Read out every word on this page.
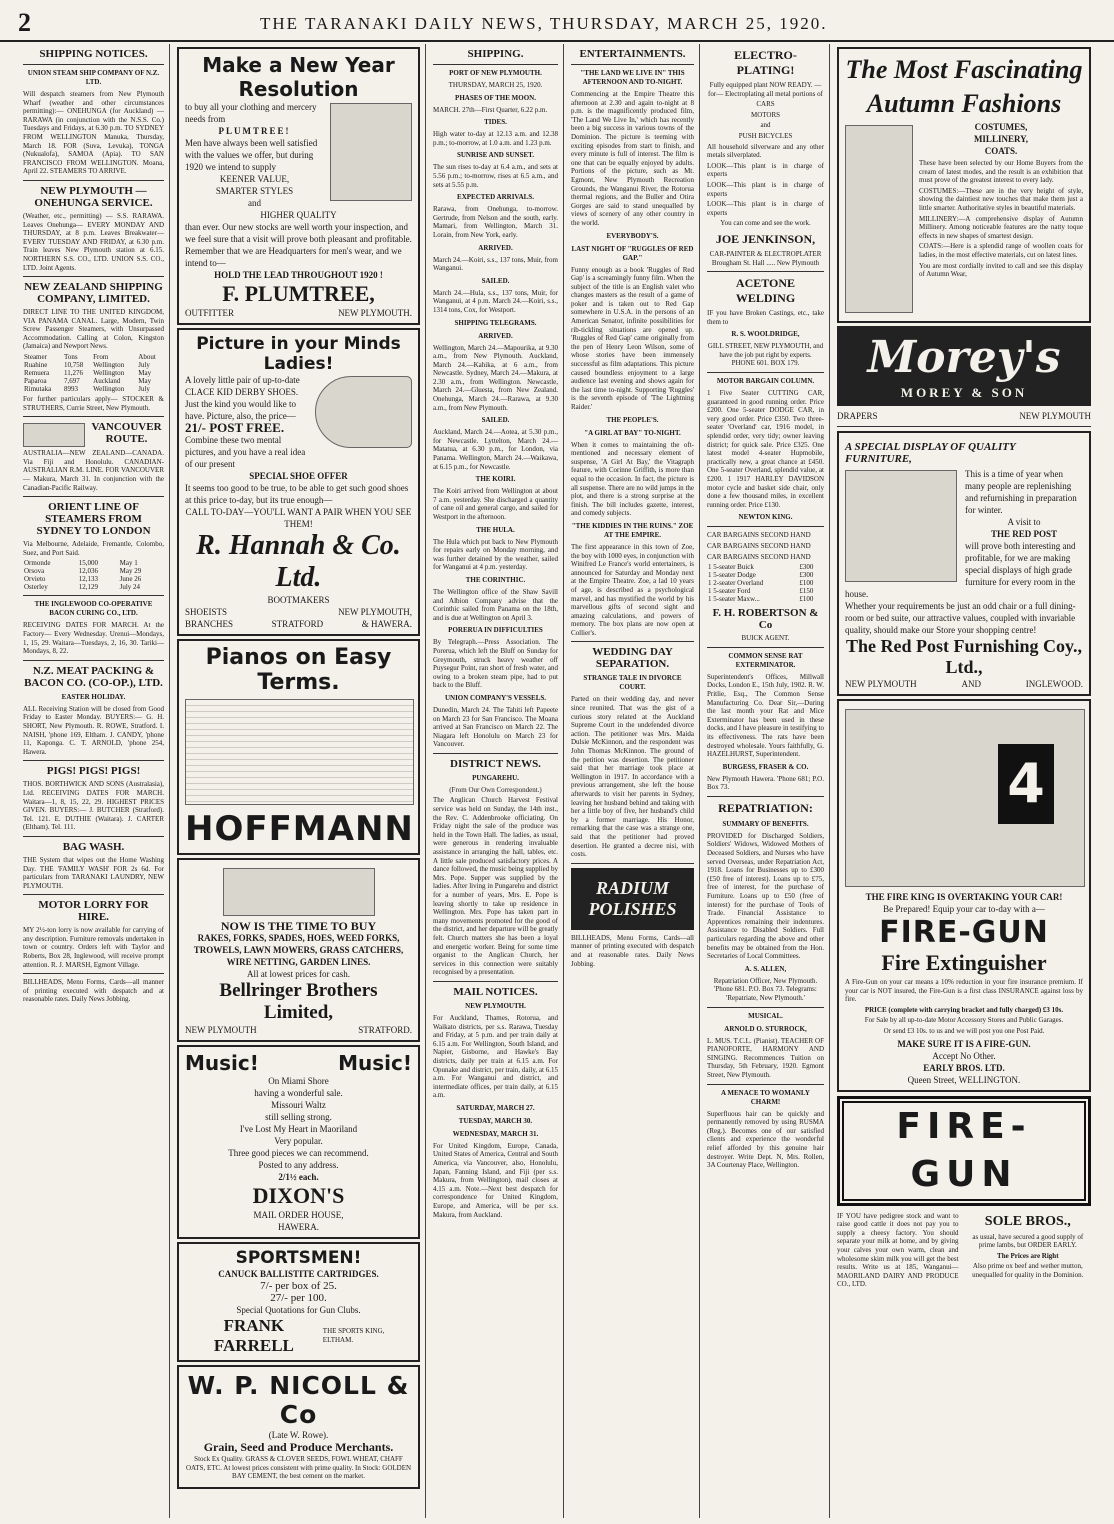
2	THE TARANAKI DAILY NEWS, THURSDAY, MARCH 25, 1920.
SHIPPING NOTICES.
UNION STEAM SHIP COMPANY OF N.Z. LTD.
Will despatch steamers from New Plymouth Wharf (weather and other circumstances permitting):— ONEHUNGA (for Auckland) — RARAWA (in conjunction with the N.S.S. Co.) Tuesdays and Fridays, at 6.30 p.m. TO SYDNEY FROM WELLINGTON Manuka, Thursday, March 18. FOR (Suva, Levuka), TONGA (Nukualofa), SAMOA (Apia). TO SAN FRANCISCO FROM WELLINGTON. Moana, April 22. STEAMERS TO ARRIVE.
NEW PLYMOUTH — ONEHUNGA SERVICE.
(Weather, etc., permitting) — S.S. RARAWA. Leaves Onehunga— EVERY MONDAY AND THURSDAY, at 8 p.m. Leaves Breakwater— EVERY TUESDAY AND FRIDAY, at 6.30 p.m. Train leaves New Plymouth station at 6.15. NORTHERN S.S. CO., LTD. UNION S.S. CO., LTD. Joint Agents.
NEW ZEALAND SHIPPING COMPANY, LIMITED.
DIRECT LINE TO THE UNITED KINGDOM, VIA PANAMA CANAL. Large, Modern, Twin Screw Passenger Steamers, with Unsurpassed Accommodation. Calling at Colon, Kingston (Jamaica) and Newport News.
Steamer	Tons	From	About
Ruahine	10,758	Wellington	July
Remuera	11,276	Wellington	May
Paparoa	7,697	Auckland	May
Rimutaka	8993	Wellington	July
For further particulars apply— STOCKER & STRUTHERS, Currie Street, New Plymouth.
VANCOUVER ROUTE.
AUSTRALIA—NEW ZEALAND—CANADA. Via Fiji and Honolulu. CANADIAN-AUSTRALIAN R.M. LINE. FOR VANCOUVER— Makura, March 31. In conjunction with the Canadian-Pacific Railway.
ORIENT LINE OF STEAMERS FROM SYDNEY TO LONDON
Via Melbourne, Adelaide, Fremantle, Colombo, Suez, and Port Said.
Ormonde	15,000	May 1
Orsova	12,036	May 29
Orvieto	12,133	June 26
Osterley	12,129	July 24
THE INGLEWOOD CO-OPERATIVE BACON CURING CO., LTD.
RECEIVING DATES FOR MARCH. At the Factory— Every Wednesday. Urenui—Mondays, 1, 15, 29. Waitara—Tuesdays, 2, 16, 30. Tariki—Mondays, 8, 22.
N.Z. MEAT PACKING & BACON CO. (CO-OP.), LTD.
EASTER HOLIDAY.
ALL Receiving Station will be closed from Good Friday to Easter Monday. BUYERS:— G. H. SHORT, New Plymouth. R. ROWE, Stratford. I. NAISH, 'phone 169, Eltham. J. CANDY, 'phone 11, Kaponga. C. T. ARNOLD, 'phone 254, Hawera.
PIGS! PIGS! PIGS!
THOS. BORTHWICK AND SONS (Australasia), Ltd. RECEIVING DATES FOR MARCH. Waitara—1, 8, 15, 22, 29. HIGHEST PRICES GIVEN. BUYERS:— J. BUTCHER (Stratford). Tel. 121. E. DUTHIE (Waitara). J. CARTER (Eltham). Tel. 111.
BAG WASH.
THE System that wipes out the Home Washing Day. THE 'FAMILY WASH' FOR 2s 6d. For particulars from TARANAKI LAUNDRY, NEW PLYMOUTH.
MOTOR LORRY FOR HIRE.
MY 2½-ton lorry is now available for carrying of any description. Furniture removals undertaken in town or country. Orders left with Taylor and Roberts, Box 28, Inglewood, will receive prompt attention. R. J. MARSH, Egmont Village.
BILLHEADS, Menu Forms, Cards—all manner of printing executed with despatch and at reasonable rates. Daily News Jobbing.
Make a New Year Resolution
to buy all your clothing and mercery needs from
PLUMTREE!
Men have always been well satisfied with the values we offer, but during 1920 we intend to supply
KEENER VALUE,
SMARTER STYLES
and
HIGHER QUALITY
than ever. Our new stocks are well worth your inspection, and we feel sure that a visit will prove both pleasant and profitable.
Remember that we are Headquarters for men's wear, and we intend to—
HOLD THE LEAD THROUGHOUT 1920 !
F. PLUMTREE,
OUTFITTER	NEW PLYMOUTH.
Picture in your Minds Ladies!
A lovely little pair of up-to-date CLACE KID DERBY SHOES. Just the kind you would like to have. Picture, also, the price—
21/- POST FREE.
Combine these two mental pictures, and you have a real idea of our present
SPECIAL SHOE OFFER
It seems too good to be true, to be able to get such good shoes at this price to-day, but its true enough—
CALL TO-DAY—YOU'LL WANT A PAIR WHEN YOU SEE THEM!
R. Hannah & Co. Ltd.
BOOTMAKERS
SHOEISTS	NEW PLYMOUTH,
BRANCHES	STRATFORD	& HAWERA.
Pianos on Easy Terms.
HOFFMANN
NOW IS THE TIME TO BUY
RAKES, FORKS, SPADES, HOES, WEED FORKS, TROWELS, LAWN MOWERS, GRASS CATCHERS, WIRE NETTING, GARDEN LINES.
All at lowest prices for cash.
Bellringer Brothers Limited,
NEW PLYMOUTH	STRATFORD.
Music!	Music!
On Miami Shore
having a wonderful sale.
Missouri Waltz
still selling strong.
I've Lost My Heart in Maoriland
Very popular.
Three good pieces we can recommend.
Posted to any address.
2/1½ each.
DIXON'S
MAIL ORDER HOUSE,
HAWERA.
SPORTSMEN!
CANUCK BALLISTITE CARTRIDGES.
7/- per box of 25.
27/- per 100.
Special Quotations for Gun Clubs.
FRANK FARRELL
THE SPORTS KING, ELTHAM.
W. P. NICOLL & Co
(Late W. Rowe).
Grain, Seed and Produce Merchants.
Stock Ex Quality. GRASS & CLOVER SEEDS, FOWL WHEAT, CHAFF OATS, ETC. At lowest prices consistent with prime quality. In Stock: GOLDEN BAY CEMENT, the best cement on the market.
SHIPPING.
PORT OF NEW PLYMOUTH.
THURSDAY, MARCH 25, 1920.
PHASES OF THE MOON.
MARCH. 27th—First Quarter, 6.22 p.m.
TIDES.
High water to-day at 12.13 a.m. and 12.38 p.m.; to-morrow, at 1.0 a.m. and 1.23 p.m.
SUNRISE AND SUNSET.
The sun rises to-day at 6.4 a.m., and sets at 5.56 p.m.; to-morrow, rises at 6.5 a.m., and sets at 5.55 p.m.
EXPECTED ARRIVALS.
Rarawa, from Onehunga, to-morrow. Gertrude, from Nelson and the south, early. Mamari, from Wellington, March 31. Lorain, from New York, early.
ARRIVED.
March 24.—Koiri, s.s., 137 tons, Muir, from Wanganui.
SAILED.
March 24.—Hula, s.s., 137 tons, Muir, for Wanganui, at 4 p.m. March 24.—Koiri, s.s., 1314 tons, Cox, for Westport.
SHIPPING TELEGRAMS.
ARRIVED.
Wellington, March 24.—Mapourika, at 9.30 a.m., from New Plymouth. Auckland, March 24.—Kahika, at 6 a.m., from Newcastle. Sydney, March 24.—Makura, at 2.30 a.m., from Wellington. Newcastle, March 24.—Gluesta, from New Zealand. Onehunga, March 24.—Rarawa, at 9.30 a.m., from New Plymouth.
SAILED.
Auckland, March 24.—Aotea, at 5.30 p.m., for Newcastle. Lyttelton, March 24.—Matatua, at 6.30 p.m., for London, via Panama. Wellington, March 24.—Waikawa, at 6.15 p.m., for Newcastle.
THE KOIRI.
The Koiri arrived from Wellington at about 7 a.m. yesterday. She discharged a quantity of cane oil and general cargo, and sailed for Westport in the afternoon.
THE HULA.
The Hula which put back to New Plymouth for repairs early on Monday morning, and was further detained by the weather, sailed for Wanganui at 4 p.m. yesterday.
THE CORINTHIC.
The Wellington office of the Shaw Savill and Albion Company advise that the Corinthic sailed from Panama on the 18th, and is due at Wellington on April 3.
PORERUA IN DIFFICULTIES
By Telegraph.—Press Association. The Porerua, which left the Bluff on Sunday for Greymouth, struck heavy weather off Puysegur Point, ran short of fresh water, and owing to a broken steam pipe, had to put back to the Bluff.
UNION COMPANY'S VESSELS.
Dunedin, March 24. The Tahiti left Papeete on March 23 for San Francisco. The Moana arrived at San Francisco on March 22. The Niagara left Honolulu on March 23 for Vancouver.
DISTRICT NEWS.
PUNGAREHU.
(From Our Own Correspondent.)
The Anglican Church Harvest Festival service was held on Sunday, the 14th inst., the Rev. C. Addenbrooke officiating. On Friday night the sale of the produce was held in the Town Hall. The ladies, as usual, were generous in rendering invaluable assistance in arranging the hall, tables, etc. A little sale produced satisfactory prices. A dance followed, the music being supplied by Mrs. Pope. Supper was supplied by the ladies. After living in Pungarehu and district for a number of years, Mrs. E. Pope is leaving shortly to take up residence in Wellington. Mrs. Pope has taken part in many movements promoted for the good of the district, and her departure will be greatly felt. Church matters she has been a loyal and energetic worker. Being for some time organist to the Anglican Church, her services in this connection were suitably recognised by a presentation.
MAIL NOTICES.
NEW PLYMOUTH.
For Auckland, Thames, Rotorua, and Waikato districts, per s.s. Rarawa, Tuesday and Friday, at 5 p.m. and per train daily at 6.15 a.m. For Wellington, South Island, and Napier, Gisborne, and Hawke's Bay districts, daily per train at 6.15 a.m. For Opunake and district, per train, daily, at 6.15 a.m. For Wanganui and district, and intermediate offices, per train daily, at 6.15 a.m.
SATURDAY, MARCH 27.
TUESDAY, MARCH 30.
WEDNESDAY, MARCH 31.
For United Kingdom, Europe, Canada, United States of America, Central and South America, via Vancouver, also, Honolulu, Japan, Fanning Island, and Fiji (per s.s. Makura, from Wellington), mail closes at 4.15 a.m. Note.—Next best despatch for correspondence for United Kingdom, Europe, and America, will be per s.s. Makura, from Auckland.
ENTERTAINMENTS.
"THE LAND WE LIVE IN" THIS AFTERNOON AND TO-NIGHT.
Commencing at the Empire Theatre this afternoon at 2.30 and again to-night at 8 p.m. is the magnificently produced film, 'The Land We Live In,' which has recently been a big success in various towns of the Dominion. The picture is teeming with exciting episodes from start to finish, and every minute is full of interest. The film is one that can be equally enjoyed by adults. Portions of the picture, such as Mt. Egmont, New Plymouth Recreation Grounds, the Wanganui River, the Rotorua thermal regions, and the Buller and Otira Gorges are said to stand unequalled by views of scenery of any other country in the world.
EVERYBODY'S.
LAST NIGHT OF "RUGGLES OF RED GAP."
Funny enough as a book 'Ruggles of Red Gap' is a screamingly funny film. When the subject of the title is an English valet who changes masters as the result of a game of poker and is taken out to Red Gap somewhere in U.S.A. in the persons of an American Senator, infinite possibilities for rib-tickling situations are opened up. 'Ruggles of Red Gap' came originally from the pen of Henry Leon Wilson, some of whose stories have been immensely successful as film adaptations. This picture caused boundless enjoyment to a large audience last evening and shows again for the last time to-night. Supporting 'Ruggles' is the seventh episode of 'The Lightning Raider.'
THE PEOPLE'S.
"A GIRL AT BAY" TO-NIGHT.
When it comes to maintaining the oft-mentioned and necessary element of suspense, 'A Girl At Bay,' the Vitagraph feature, with Corinne Griffith, is more than equal to the occasion. In fact, the picture is all suspense. There are no wild jumps in the plot, and there is a strong surprise at the finish. The bill includes gazette, interest, and comedy subjects.
"THE KIDDIES IN THE RUINS." ZOE AT THE EMPIRE.
The first appearance in this town of Zoe, the boy with 1000 eyes, in conjunction with Winifred Le France's world entertainers, is announced for Saturday and Monday next at the Empire Theatre. Zoe, a lad 10 years of age, is described as a psychological marvel, and has mystified the world by his marvellous gifts of second sight and amazing calculations, and powers of memory. The box plans are now open at Collier's.
WEDDING DAY SEPARATION.
STRANGE TALE IN DIVORCE COURT.
Parted on their wedding day, and never since reunited. That was the gist of a curious story related at the Auckland Supreme Court in the undefended divorce action. The petitioner was Mrs. Maida Dulsie McKinnon, and the respondent was John Thomas McKinnon. The ground of the petition was desertion. The petitioner said that her marriage took place at Wellington in 1917. In accordance with a previous arrangement, she left the house afterwards to visit her parents in Sydney, leaving her husband behind and taking with her a little boy of five, her husband's child by a former marriage. His Honor, remarking that the case was a strange one, said that the petitioner had proved desertion. He granted a decree nisi, with costs.
RADIUM POLISHES
BILLHEADS, Menu Forms, Cards—all manner of printing executed with despatch and at reasonable rates. Daily News Jobbing.
ELECTRO-PLATING!
Fully equipped plant NOW READY. —for— Electroplating all metal portions of
CARS
MOTORS
and
PUSH BICYCLES
All household silverware and any other metals silverplated.
LOOK—This plant is in charge of experts
LOOK—This plant is in charge of experts
LOOK—This plant is in charge of experts
You can come and see the work.
JOE JENKINSON,
CAR-PAINTER & ELECTROPLATER Brougham St. Hall ..... New Plymouth
ACETONE WELDING
IF you have Broken Castings, etc., take them to
R. S. WOOLDRIDGE,
GILL STREET, NEW PLYMOUTH, and have the job put right by experts. PHONE 601. BOX 179.
MOTOR BARGAIN COLUMN.
1 Five Seater CUTTING CAR, guaranteed in good running order. Price £200. One 5-seater DODGE CAR, in very good order. Price £350. Two three-seater 'Overland' car, 1916 model, in splendid order, very tidy; owner leaving district; for quick sale. Price £325. One latest model 4-seater Hupmobile, practically new, a great chance at £450. One 5-seater Overland, splendid value, at £200. 1 1917 HARLEY DAVIDSON motor cycle and basket side chair, only done a few thousand miles, in excellent running order. Price £130.
NEWTON KING.
CAR BARGAINS SECOND HAND
CAR BARGAINS SECOND HAND
CAR BARGAINS SECOND HAND
1 5-seater Buick	£300
1 5-seater Dodge	£300
1 2-seater Overland	£100
1 5-seater Ford	£150
1 5-seater Maxw...	£100
F. H. ROBERTSON & Co
BUICK AGENT.
COMMON SENSE RAT EXTERMINATOR.
Superintendent's Offices, Millwall Docks, London E., 15th July, 1902. R. W. Pritlie, Esq., The Common Sense Manufacturing Co. Dear Sir,—During the last month your Rat and Mice Exterminator has been used in these docks, and I have pleasure in testifying to its effectiveness. The rats have been destroyed wholesale. Yours faithfully, G. HAZELHURST, Superintendent.
BURGESS, FRASER & CO.
New Plymouth Hawera. 'Phone 681; P.O. Box 73.
REPATRIATION:
SUMMARY OF BENEFITS.
PROVIDED for Discharged Soldiers, Soldiers' Widows, Widowed Mothers of Deceased Soldiers, and Nurses who have served Overseas, under Repatriation Act, 1918. Loans for Businesses up to £300 (£50 free of interest). Loans up to £75, free of interest, for the purchase of Furniture. Loans up to £50 (free of interest) for the purchase of Tools of Trade. Financial Assistance to Apprentices remaining their indentures. Assistance to Disabled Soldiers. Full particulars regarding the above and other benefits may be obtained from the Hon. Secretaries of Local Committees.
A. S. ALLEN,
Repatriation Officer, New Plymouth. 'Phone 681. P.O. Box 73. Telegrams: 'Repatriate, New Plymouth.'
MUSICAL.
ARNOLD O. STURROCK,
L. MUS. T.C.L. (Pianist). TEACHER OF PIANOFORTE, HARMONY AND SINGING. Recommences Tuition on Thursday, 5th February, 1920. Egmont Street, New Plymouth.
A MENACE TO WOMANLY CHARM!
Superfluous hair can be quickly and permanently removed by using RUSMA (Reg.). Becomes one of our satisfied clients and experience the wonderful relief afforded by this genuine hair destroyer. Write Dept. N, Mrs. Rollen, 3A Courtenay Place, Wellington.
The Most Fascinating Autumn Fashions
COSTUMES,
MILLINERY,
COATS.
These have been selected by our Home Buyers from the cream of latest modes, and the result is an exhibition that must prove of the greatest interest to every lady.
COSTUMES:—These are in the very height of style, showing the daintiest new touches that make them just a little smarter. Authoritative styles in beautiful materials.
MILLINERY:—A comprehensive display of Autumn Millinery. Among noticeable features are the natty toque effects in new shapes of smartest design.
COATS:—Here is a splendid range of woollen coats for ladies, in the most effective materials, cut on latest lines.
You are most cordially invited to call and see this display of Autumn Wear,
Morey's
MOREY & SON
DRAPERS	NEW PLYMOUTH
A SPECIAL DISPLAY OF QUALITY FURNITURE,
This is a time of year when many people are replenishing and refurnishing in preparation for winter.
A visit to
THE RED POST
will prove both interesting and profitable, for we are making special displays of high grade furniture for every room in the house.
Whether your requirements be just an odd chair or a full dining-room or bed suite, our attractive values, coupled with invariable quality, should make our Store your shopping centre!
The Red Post Furnishing Coy., Ltd.,
NEW PLYMOUTH	AND	INGLEWOOD.
4
THE FIRE KING IS OVERTAKING YOUR CAR!
Be Prepared! Equip your car to-day with a—
FIRE-GUN
Fire Extinguisher
A Fire-Gun on your car means a 10% reduction in your fire insurance premium. If your car is NOT insured, the Fire-Gun is a first class INSURANCE against loss by fire.
PRICE (complete with carrying bracket and fully charged) £3 10s.
For Sale by all up-to-date Motor Accessory Stores and Public Garages.
Or send £3 10s. to us and we will post you one Post Paid.
MAKE SURE IT IS A FIRE-GUN.
Accept No Other.
EARLY BROS. LTD.
Queen Street, WELLINGTON.
FIRE-GUN
IF YOU have pedigree stock and want to raise good cattle it does not pay you to supply a cheesy factory. You should separate your milk at home, and by giving your calves your own warm, clean and wholesome skim milk you will get the best results. Write us at 185, Wanganui—MAORILAND DAIRY AND PRODUCE CO., LTD.
SOLE BROS.,
as usual, have secured a good supply of prime lambs, but ORDER EARLY.
The Prices are Right
Also prime ox beef and wether mutton, unequalled for quality in the Dominion.
